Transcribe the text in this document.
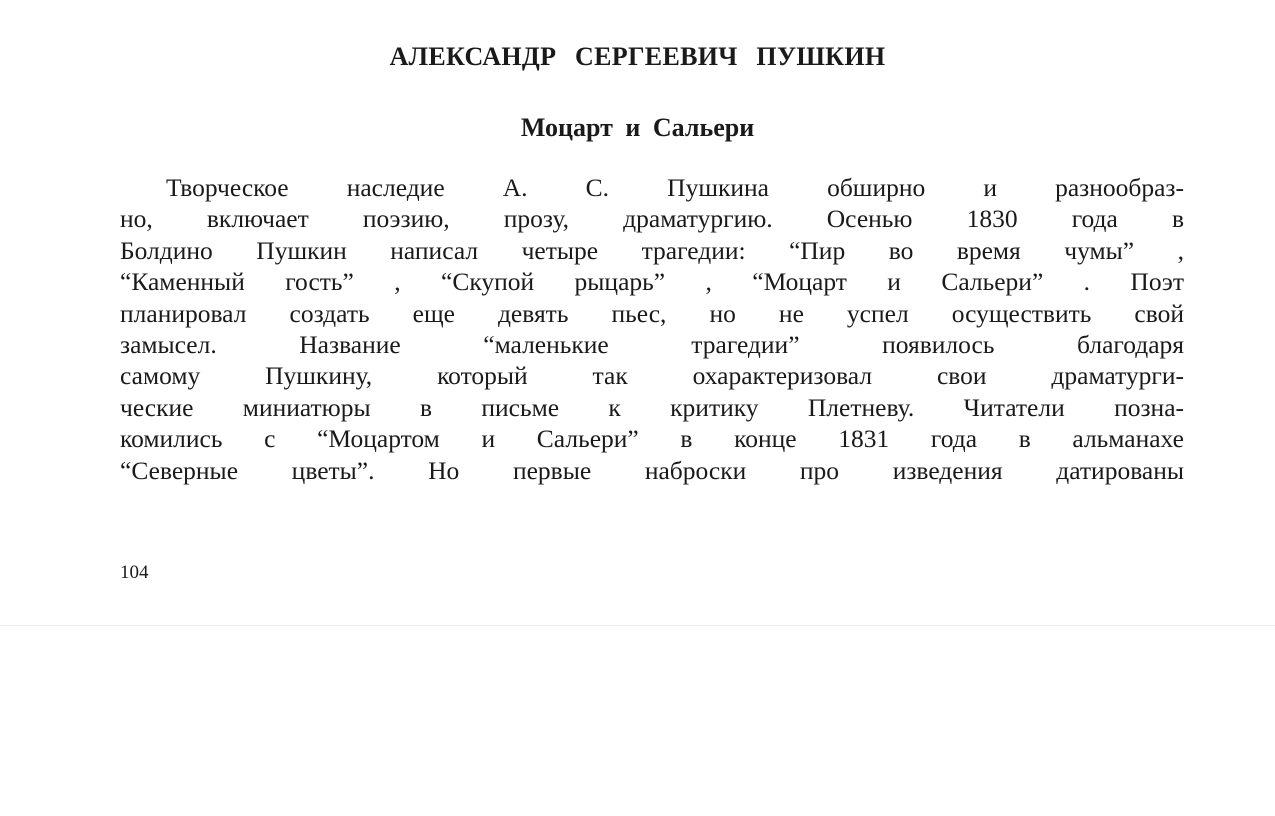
АЛЕКСАНДР СЕРГЕЕВИЧ ПУШКИН
Моцарт и Сальери
Творческое наследие А. С. Пушкина обширно и разнообраз-
но, включает поэзию, прозу, драматургию. Осенью 1830 года в
Болдино Пушкин написал четыре трагедии: “Пир во время чумы” ,
“Каменный гость” , “Скупой рыцарь” , “Моцарт и Сальери” . Поэт
планировал создать еще девять пьес, но не успел осуществить свой
замысел. Название “маленькие трагедии” появилось благодаря
самому Пушкину, который так охарактеризовал свои драматурги-
ческие миниатюры в письме к критику Плетневу. Читатели позна-
комились с “Моцартом и Сальери” в конце 1831 года в альманахе
“Северные цветы”. Но первые наброски про изведения датированы
104
